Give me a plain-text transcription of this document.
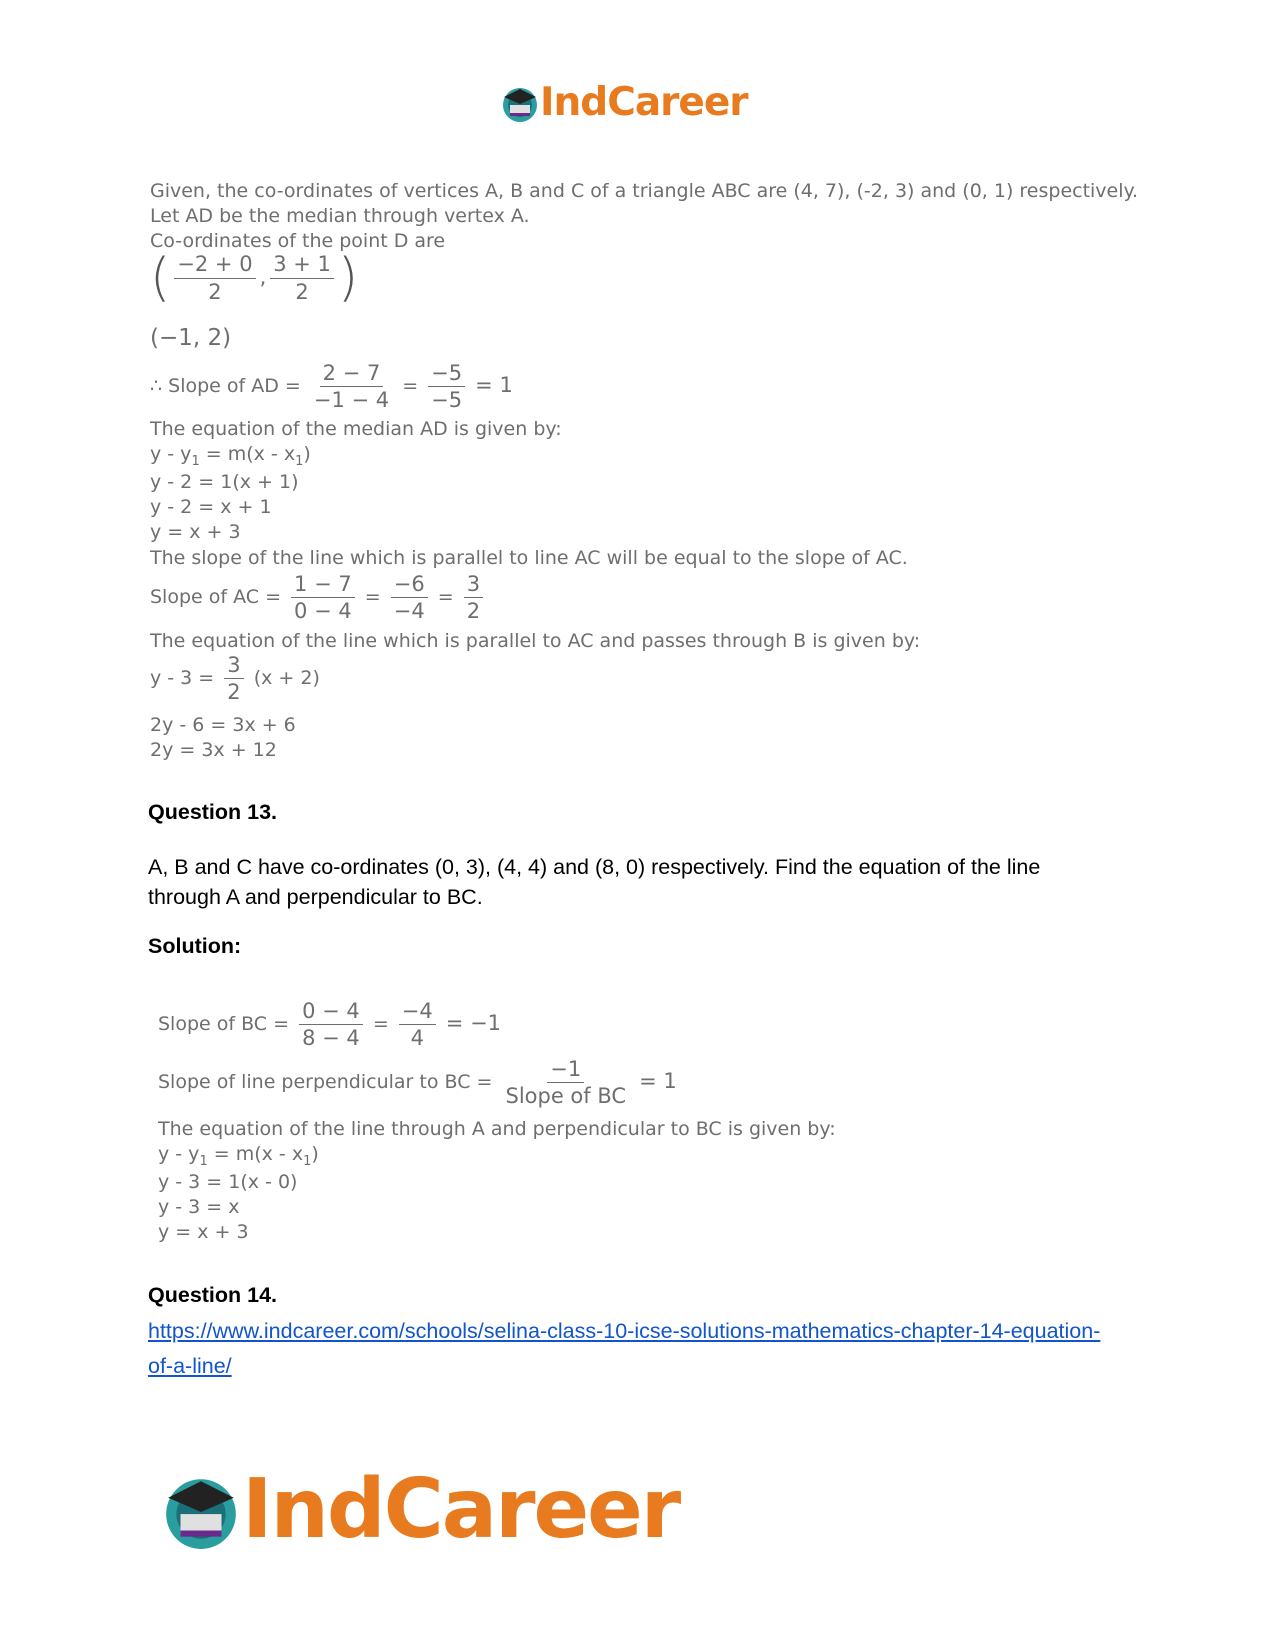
IndCareer
Given, the co-ordinates of vertices A, B and C of a triangle ABC are (4, 7), (-2, 3) and (0, 1) respectively.
Let AD be the median through vertex A.
Co-ordinates of the point D are
( $\frac{-2 + 0}{2}$ , $\frac{3 + 1}{2}$ )
(−1, 2)
∴ Slope of AD = $\frac{2 - 7}{-1 - 4} = \frac{-5}{-5} = 1$
The equation of the median AD is given by:
$y - y_1 = m(x - x_1)$
y - 2 = 1(x + 1)
y - 2 = x + 1
y = x + 3
The slope of the line which is parallel to line AC will be equal to the slope of AC.
Slope of AC = $\frac{1 - 7}{0 - 4} = \frac{-6}{-4} = \frac{3}{2}$
The equation of the line which is parallel to AC and passes through B is given by:
$y - 3 = \frac{3}{2} (x + 2)$
2y - 6 = 3x + 6
2y = 3x + 12
Question 13.
A, B and C have co-ordinates (0, 3), (4, 4) and (8, 0) respectively. Find the equation of the line through A and perpendicular to BC.
Solution:
Slope of BC = $\frac{0 - 4}{8 - 4} = \frac{-4}{4} = -1$
Slope of line perpendicular to BC = $\frac{-1}{\text{Slope of BC}} = 1$
The equation of the line through A and perpendicular to BC is given by:
$y - y_1 = m(x - x_1)$
y - 3 = 1(x - 0)
y - 3 = x
y = x + 3
Question 14.
https://www.indcareer.com/schools/selina-class-10-icse-solutions-mathematics-chapter-14-equation-of-a-line/
IndCareer
